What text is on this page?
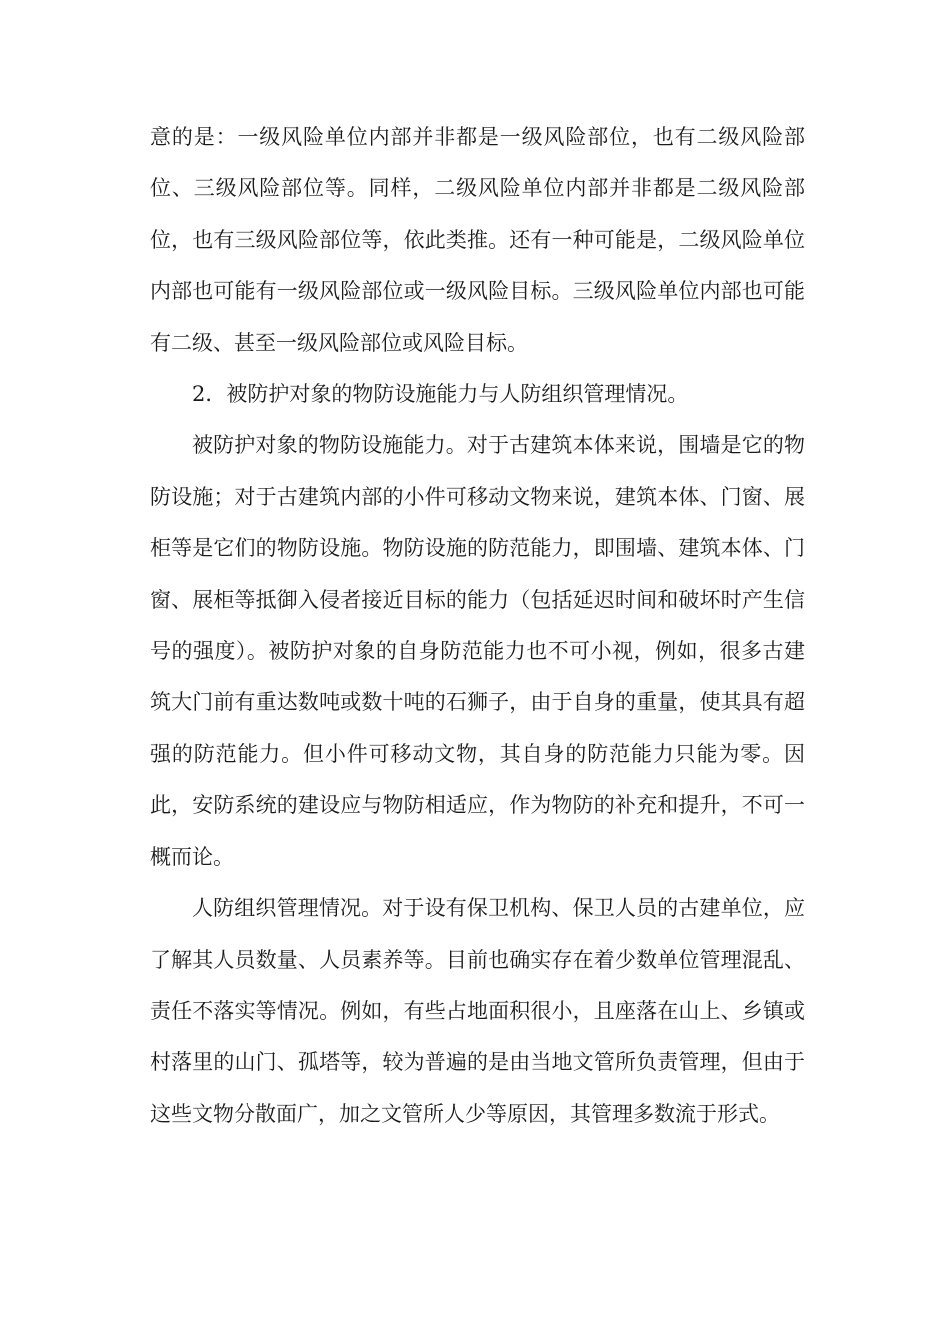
意的是：一级风险单位内部并非都是一级风险部位，也有二级风险部位、三级风险部位等。同样，二级风险单位内部并非都是二级风险部位，也有三级风险部位等，依此类推。还有一种可能是，二级风险单位内部也可能有一级风险部位或一级风险目标。三级风险单位内部也可能有二级、甚至一级风险部位或风险目标。

2．被防护对象的物防设施能力与人防组织管理情况。

被防护对象的物防设施能力。对于古建筑本体来说，围墙是它的物防设施；对于古建筑内部的小件可移动文物来说，建筑本体、门窗、展柜等是它们的物防设施。物防设施的防范能力，即围墙、建筑本体、门窗、展柜等抵御入侵者接近目标的能力（包括延迟时间和破坏时产生信号的强度）。被防护对象的自身防范能力也不可小视，例如，很多古建筑大门前有重达数吨或数十吨的石狮子，由于自身的重量，使其具有超强的防范能力。但小件可移动文物，其自身的防范能力只能为零。因此，安防系统的建设应与物防相适应，作为物防的补充和提升，不可一概而论。

人防组织管理情况。对于设有保卫机构、保卫人员的古建单位，应了解其人员数量、人员素养等。目前也确实存在着少数单位管理混乱、责任不落实等情况。例如，有些占地面积很小，且座落在山上、乡镇或村落里的山门、孤塔等，较为普遍的是由当地文管所负责管理，但由于这些文物分散面广，加之文管所人少等原因，其管理多数流于形式。
